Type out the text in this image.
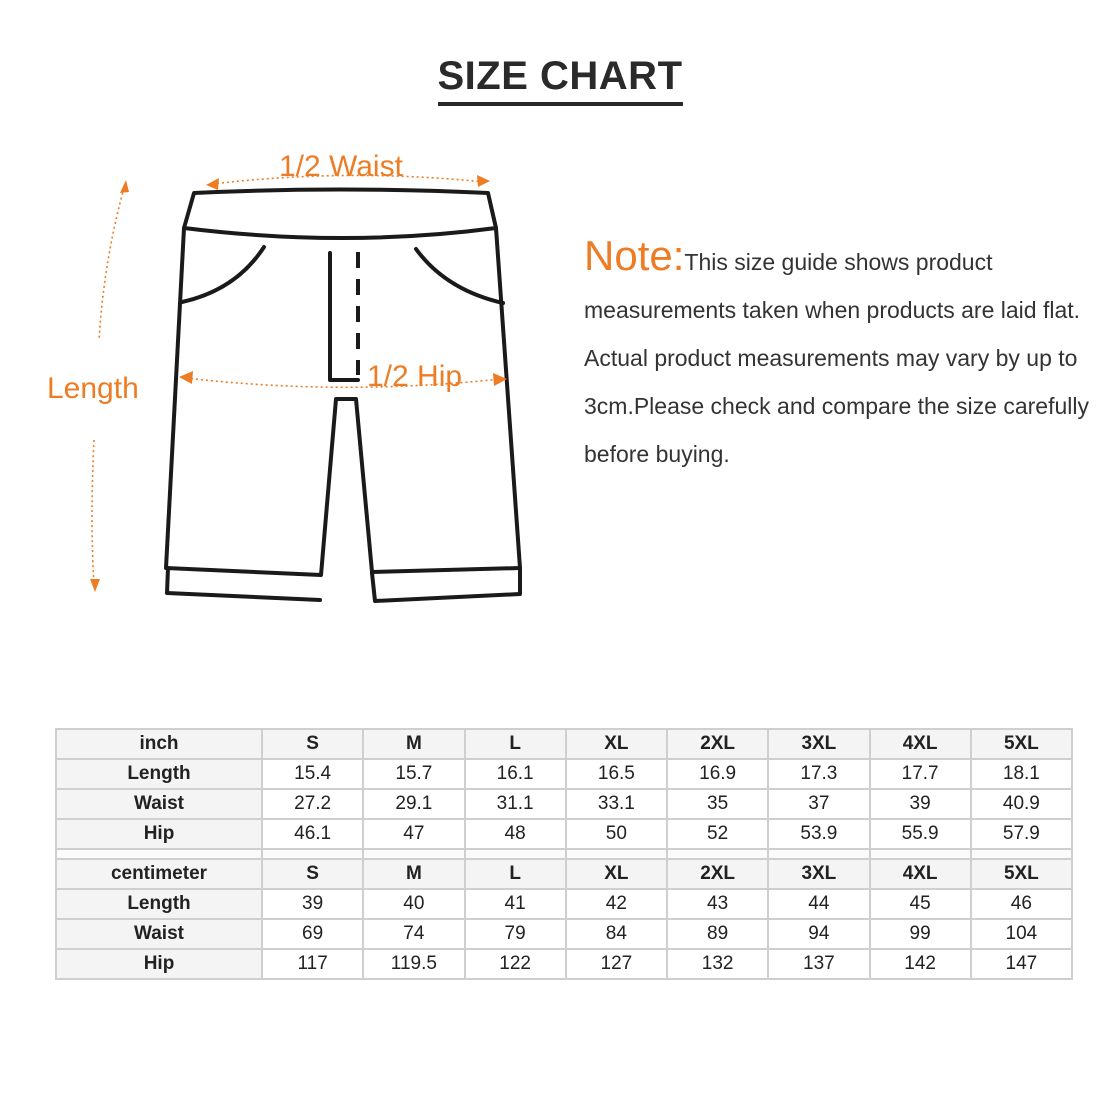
SIZE CHART
1/2 Waist
1/2 Hip
Length
Note:This size guide shows product measurements taken when products are laid flat. Actual product measurements may vary by up to 3cm.Please check and compare the size carefully before buying.
inch	S	M	L	XL	2XL	3XL	4XL	5XL
Length	15.4	15.7	16.1	16.5	16.9	17.3	17.7	18.1
Waist	27.2	29.1	31.1	33.1	35	37	39	40.9
Hip	46.1	47	48	50	52	53.9	55.9	57.9

centimeter	S	M	L	XL	2XL	3XL	4XL	5XL
Length	39	40	41	42	43	44	45	46
Waist	69	74	79	84	89	94	99	104
Hip	117	119.5	122	127	132	137	142	147
